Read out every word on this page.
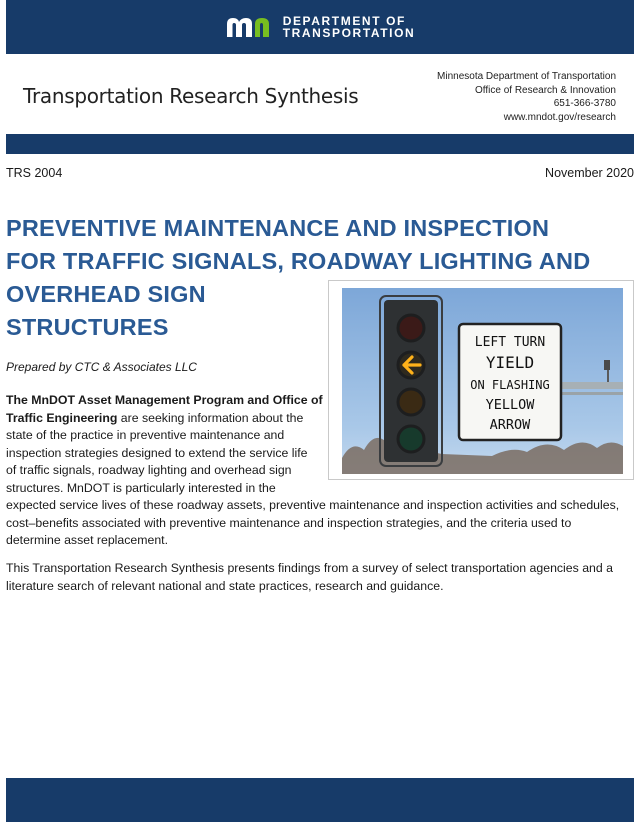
DEPARTMENT OF
TRANSPORTATION
Transportation Research Synthesis
Minnesota Department of Transportation
Office of Research & Innovation
651-366-3780
www.mndot.gov/research
TRS 2004	November 2020
PREVENTIVE MAINTENANCE AND INSPECTION
FOR TRAFFIC SIGNALS, ROADWAY LIGHTING AND
OVERHEAD SIGN
STRUCTURES
LEFT TURN
YIELD
ON FLASHING
YELLOW
ARROW
Prepared by CTC & Associates LLC

The MnDOT Asset Management Program and Office of
Traffic Engineering are seeking information about the
state of the practice in preventive maintenance and
inspection strategies designed to extend the service life
of traffic signals, roadway lighting and overhead sign
structures. MnDOT is particularly interested in the

expected service lives of these roadway assets, preventive maintenance and inspection activities and schedules,
cost–benefits associated with preventive maintenance and inspection strategies, and the criteria used to
determine asset replacement.

This Transportation Research Synthesis presents findings from a survey of select transportation agencies and a
literature search of relevant national and state practices, research and guidance.
